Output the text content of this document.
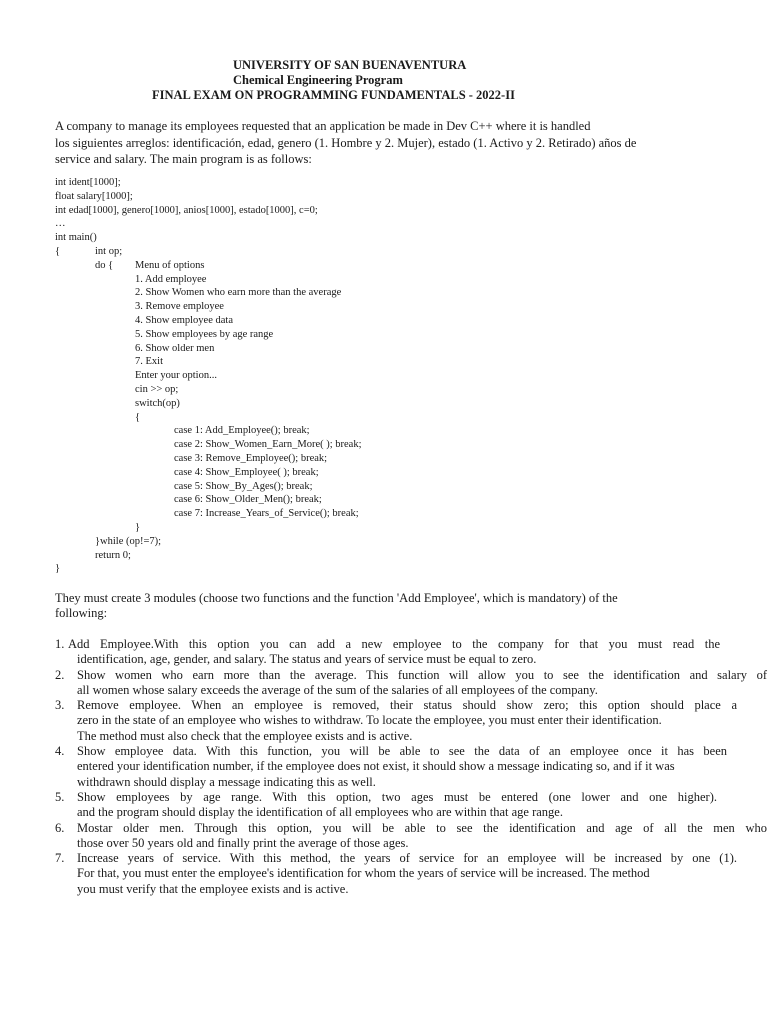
UNIVERSITY OF SAN BUENAVENTURA
Chemical Engineering Program
FINAL EXAM ON PROGRAMMING FUNDAMENTALS - 2022-II
A company to manage its employees requested that an application be made in Dev C++ where it is handled
los siguientes arreglos: identificación, edad, genero (1. Hombre y 2. Mujer), estado (1. Activo y 2. Retirado) años de
service and salary. The main program is as follows:
int ident[1000];
float salary[1000];
int edad[1000], genero[1000], anios[1000], estado[1000], c=0;
…
int main()
{	int op;
do { Menu of options
1. Add employee
2. Show Women who earn more than the average
3. Remove employee
4. Show employee data
5. Show employees by age range
6. Show older men
7. Exit
Enter your option...
cin >> op;
switch(op)
{
case 1: Add_Employee(); break;
case 2: Show_Women_Earn_More( ); break;
case 3: Remove_Employee(); break;
case 4: Show_Employee( ); break;
case 5: Show_By_Ages(); break;
case 6: Show_Older_Men(); break;
case 7: Increase_Years_of_Service(); break;
}
}while (op!=7);
return 0;
}
They must create 3 modules (choose two functions and the function 'Add Employee', which is mandatory) of the
following:
1. Add Employee.With this option you can add a new employee to the company for that you must read the
identification, age, gender, and salary. The status and years of service must be equal to zero.
2.	Show women who earn more than the average. This function will allow you to see the identification and salary of
all women whose salary exceeds the average of the sum of the salaries of all employees of the company.
3.	Remove employee. When an employee is removed, their status should show zero; this option should place a
zero in the state of an employee who wishes to withdraw. To locate the employee, you must enter their identification.
The method must also check that the employee exists and is active.
4.	Show employee data. With this function, you will be able to see the data of an employee once it has been
entered your identification number, if the employee does not exist, it should show a message indicating so, and if it was
withdrawn should display a message indicating this as well.
5.	Show employees by age range. With this option, two ages must be entered (one lower and one higher).
and the program should display the identification of all employees who are within that age range.
6.	Mostar older men. Through this option, you will be able to see the identification and age of all the men who
those over 50 years old and finally print the average of those ages.
7.	Increase years of service. With this method, the years of service for an employee will be increased by one (1).
For that, you must enter the employee's identification for whom the years of service will be increased. The method
you must verify that the employee exists and is active.
